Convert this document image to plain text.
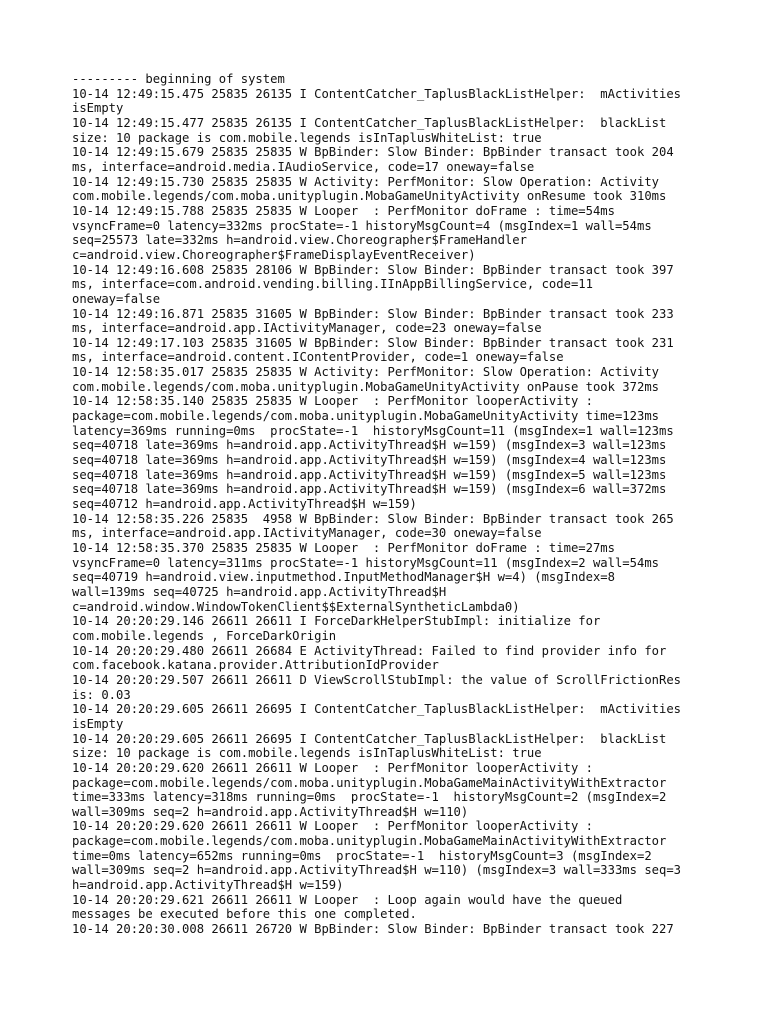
--------- beginning of system
10-14 12:49:15.475 25835 26135 I ContentCatcher_TaplusBlackListHelper:  mActivities
isEmpty
10-14 12:49:15.477 25835 26135 I ContentCatcher_TaplusBlackListHelper:  blackList
size: 10 package is com.mobile.legends isInTaplusWhiteList: true
10-14 12:49:15.679 25835 25835 W BpBinder: Slow Binder: BpBinder transact took 204
ms, interface=android.media.IAudioService, code=17 oneway=false
10-14 12:49:15.730 25835 25835 W Activity: PerfMonitor: Slow Operation: Activity
com.mobile.legends/com.moba.unityplugin.MobaGameUnityActivity onResume took 310ms
10-14 12:49:15.788 25835 25835 W Looper  : PerfMonitor doFrame : time=54ms
vsyncFrame=0 latency=332ms procState=-1 historyMsgCount=4 (msgIndex=1 wall=54ms
seq=25573 late=332ms h=android.view.Choreographer$FrameHandler
c=android.view.Choreographer$FrameDisplayEventReceiver)
10-14 12:49:16.608 25835 28106 W BpBinder: Slow Binder: BpBinder transact took 397
ms, interface=com.android.vending.billing.IInAppBillingService, code=11
oneway=false
10-14 12:49:16.871 25835 31605 W BpBinder: Slow Binder: BpBinder transact took 233
ms, interface=android.app.IActivityManager, code=23 oneway=false
10-14 12:49:17.103 25835 31605 W BpBinder: Slow Binder: BpBinder transact took 231
ms, interface=android.content.IContentProvider, code=1 oneway=false
10-14 12:58:35.017 25835 25835 W Activity: PerfMonitor: Slow Operation: Activity
com.mobile.legends/com.moba.unityplugin.MobaGameUnityActivity onPause took 372ms
10-14 12:58:35.140 25835 25835 W Looper  : PerfMonitor looperActivity :
package=com.mobile.legends/com.moba.unityplugin.MobaGameUnityActivity time=123ms
latency=369ms running=0ms  procState=-1  historyMsgCount=11 (msgIndex=1 wall=123ms
seq=40718 late=369ms h=android.app.ActivityThread$H w=159) (msgIndex=3 wall=123ms
seq=40718 late=369ms h=android.app.ActivityThread$H w=159) (msgIndex=4 wall=123ms
seq=40718 late=369ms h=android.app.ActivityThread$H w=159) (msgIndex=5 wall=123ms
seq=40718 late=369ms h=android.app.ActivityThread$H w=159) (msgIndex=6 wall=372ms
seq=40712 h=android.app.ActivityThread$H w=159)
10-14 12:58:35.226 25835  4958 W BpBinder: Slow Binder: BpBinder transact took 265
ms, interface=android.app.IActivityManager, code=30 oneway=false
10-14 12:58:35.370 25835 25835 W Looper  : PerfMonitor doFrame : time=27ms
vsyncFrame=0 latency=311ms procState=-1 historyMsgCount=11 (msgIndex=2 wall=54ms
seq=40719 h=android.view.inputmethod.InputMethodManager$H w=4) (msgIndex=8
wall=139ms seq=40725 h=android.app.ActivityThread$H
c=android.window.WindowTokenClient$$ExternalSyntheticLambda0)
10-14 20:20:29.146 26611 26611 I ForceDarkHelperStubImpl: initialize for
com.mobile.legends , ForceDarkOrigin
10-14 20:20:29.480 26611 26684 E ActivityThread: Failed to find provider info for
com.facebook.katana.provider.AttributionIdProvider
10-14 20:20:29.507 26611 26611 D ViewScrollStubImpl: the value of ScrollFrictionRes
is: 0.03
10-14 20:20:29.605 26611 26695 I ContentCatcher_TaplusBlackListHelper:  mActivities
isEmpty
10-14 20:20:29.605 26611 26695 I ContentCatcher_TaplusBlackListHelper:  blackList
size: 10 package is com.mobile.legends isInTaplusWhiteList: true
10-14 20:20:29.620 26611 26611 W Looper  : PerfMonitor looperActivity :
package=com.mobile.legends/com.moba.unityplugin.MobaGameMainActivityWithExtractor
time=333ms latency=318ms running=0ms  procState=-1  historyMsgCount=2 (msgIndex=2
wall=309ms seq=2 h=android.app.ActivityThread$H w=110)
10-14 20:20:29.620 26611 26611 W Looper  : PerfMonitor looperActivity :
package=com.mobile.legends/com.moba.unityplugin.MobaGameMainActivityWithExtractor
time=0ms latency=652ms running=0ms  procState=-1  historyMsgCount=3 (msgIndex=2
wall=309ms seq=2 h=android.app.ActivityThread$H w=110) (msgIndex=3 wall=333ms seq=3
h=android.app.ActivityThread$H w=159)
10-14 20:20:29.621 26611 26611 W Looper  : Loop again would have the queued
messages be executed before this one completed.
10-14 20:20:30.008 26611 26720 W BpBinder: Slow Binder: BpBinder transact took 227
